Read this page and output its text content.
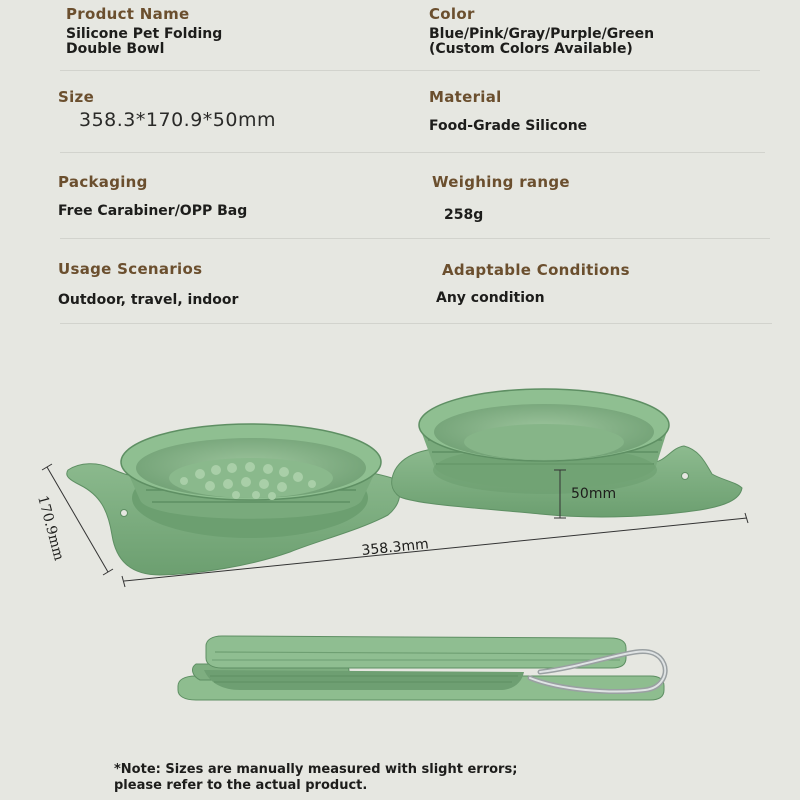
Product Name
Silicone Pet Folding
Double Bowl
Color
Blue/Pink/Gray/Purple/Green
(Custom Colors Available)
Size
358.3*170.9*50mm
Material
Food-Grade Silicone
Packaging
Free Carabiner/OPP Bag
Weighing range
258g
Usage Scenarios
Outdoor, travel, indoor
Adaptable Conditions
Any condition
50mm
358.3mm
170.9mm
*Note: Sizes are manually measured with slight errors;
please refer to the actual product.
